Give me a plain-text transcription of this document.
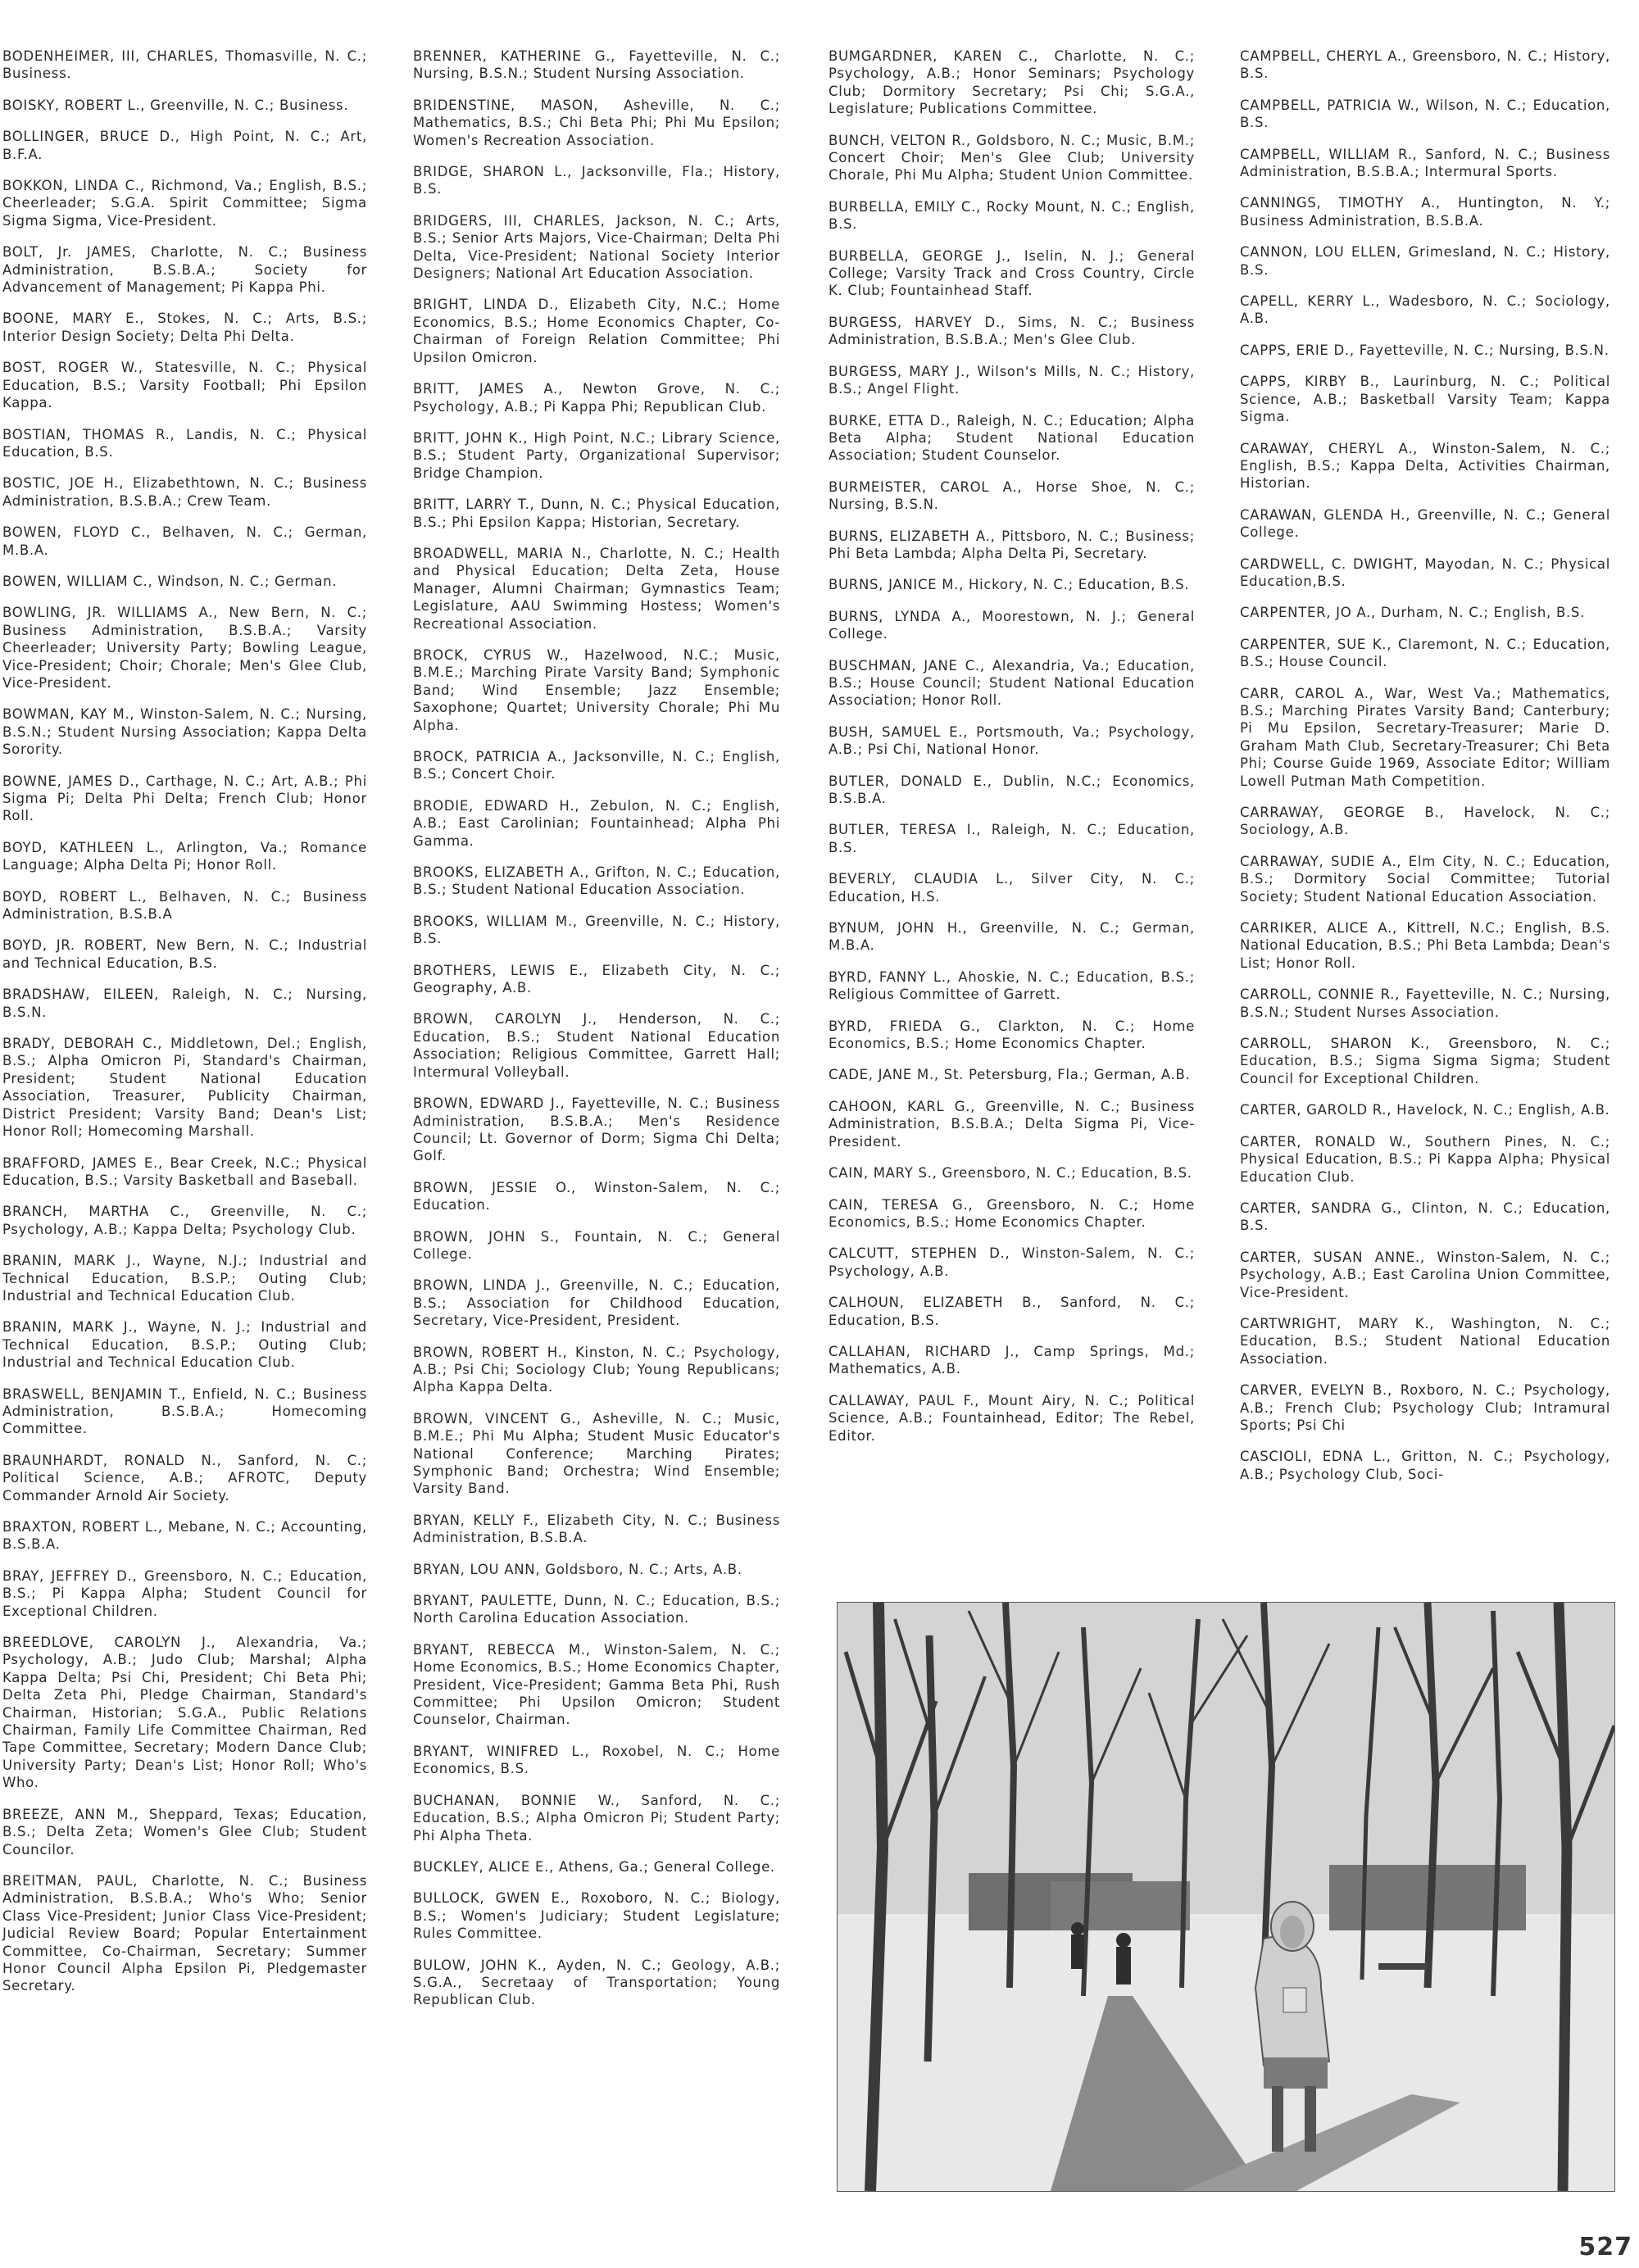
BODENHEIMER, III, CHARLES, Thomasville, N. C.; Business.
BOISKY, ROBERT L., Greenville, N. C.; Business.
BOLLINGER, BRUCE D., High Point, N. C.; Art, B.F.A.
BOKKON, LINDA C., Richmond, Va.; English, B.S.; Cheerleader; S.G.A. Spirit Committee; Sigma Sigma Sigma, Vice-President.
BOLT, Jr. JAMES, Charlotte, N. C.; Business Administration, B.S.B.A.; Society for Advancement of Management; Pi Kappa Phi.
BOONE, MARY E., Stokes, N. C.; Arts, B.S.; Interior Design Society; Delta Phi Delta.
BOST, ROGER W., Statesville, N. C.; Physical Education, B.S.; Varsity Football; Phi Epsilon Kappa.
BOSTIAN, THOMAS R., Landis, N. C.; Physical Education, B.S.
BOSTIC, JOE H., Elizabethtown, N. C.; Business Administration, B.S.B.A.; Crew Team.
BOWEN, FLOYD C., Belhaven, N. C.; German, M.B.A.
BOWEN, WILLIAM C., Windson, N. C.; German.
BOWLING, JR. WILLIAMS A., New Bern, N. C.; Business Administration, B.S.B.A.; Varsity Cheerleader; University Party; Bowling League, Vice-President; Choir; Chorale; Men's Glee Club, Vice-President.
BOWMAN, KAY M., Winston-Salem, N. C.; Nursing, B.S.N.; Student Nursing Association; Kappa Delta Sorority.
BOWNE, JAMES D., Carthage, N. C.; Art, A.B.; Phi Sigma Pi; Delta Phi Delta; French Club; Honor Roll.
BOYD, KATHLEEN L., Arlington, Va.; Romance Language; Alpha Delta Pi; Honor Roll.
BOYD, ROBERT L., Belhaven, N. C.; Business Administration, B.S.B.A
BOYD, JR. ROBERT, New Bern, N. C.; Industrial and Technical Education, B.S.
BRADSHAW, EILEEN, Raleigh, N. C.; Nursing, B.S.N.
BRADY, DEBORAH C., Middletown, Del.; English, B.S.; Alpha Omicron Pi, Standard's Chairman, President; Student National Education Association, Treasurer, Publicity Chairman, District President; Varsity Band; Dean's List; Honor Roll; Homecoming Marshall.
BRAFFORD, JAMES E., Bear Creek, N.C.; Physical Education, B.S.; Varsity Basketball and Baseball.
BRANCH, MARTHA C., Greenville, N. C.; Psychology, A.B.; Kappa Delta; Psychology Club.
BRANIN, MARK J., Wayne, N.J.; Industrial and Technical Education, B.S.P.; Outing Club; Industrial and Technical Education Club.
BRANIN, MARK J., Wayne, N. J.; Industrial and Technical Education, B.S.P.; Outing Club; Industrial and Technical Education Club.
BRASWELL, BENJAMIN T., Enfield, N. C.; Business Administration, B.S.B.A.; Homecoming Committee.
BRAUNHARDT, RONALD N., Sanford, N. C.; Political Science, A.B.; AFROTC, Deputy Commander Arnold Air Society.
BRAXTON, ROBERT L., Mebane, N. C.; Accounting, B.S.B.A.
BRAY, JEFFREY D., Greensboro, N. C.; Education, B.S.; Pi Kappa Alpha; Student Council for Exceptional Children.
BREEDLOVE, CAROLYN J., Alexandria, Va.; Psychology, A.B.; Judo Club; Marshal; Alpha Kappa Delta; Psi Chi, President; Chi Beta Phi; Delta Zeta Phi, Pledge Chairman, Standard's Chairman, Historian; S.G.A., Public Relations Chairman, Family Life Committee Chairman, Red Tape Committee, Secretary; Modern Dance Club; University Party; Dean's List; Honor Roll; Who's Who.
BREEZE, ANN M., Sheppard, Texas; Education, B.S.; Delta Zeta; Women's Glee Club; Student Councilor.
BREITMAN, PAUL, Charlotte, N. C.; Business Administration, B.S.B.A.; Who's Who; Senior Class Vice-President; Junior Class Vice-President; Judicial Review Board; Popular Entertainment Committee, Co-Chairman, Secretary; Summer Honor Council Alpha Epsilon Pi, Pledgemaster Secretary.
BRENNER, KATHERINE G., Fayetteville, N. C.; Nursing, B.S.N.; Student Nursing Association.
BRIDENSTINE, MASON, Asheville, N. C.; Mathematics, B.S.; Chi Beta Phi; Phi Mu Epsilon; Women's Recreation Association.
BRIDGE, SHARON L., Jacksonville, Fla.; History, B.S.
BRIDGERS, III, CHARLES, Jackson, N. C.; Arts, B.S.; Senior Arts Majors, Vice-Chairman; Delta Phi Delta, Vice-President; National Society Interior Designers; National Art Education Association.
BRIGHT, LINDA D., Elizabeth City, N.C.; Home Economics, B.S.; Home Economics Chapter, Co-Chairman of Foreign Relation Committee; Phi Upsilon Omicron.
BRITT, JAMES A., Newton Grove, N. C.; Psychology, A.B.; Pi Kappa Phi; Republican Club.
BRITT, JOHN K., High Point, N.C.; Library Science, B.S.; Student Party, Organizational Supervisor; Bridge Champion.
BRITT, LARRY T., Dunn, N. C.; Physical Education, B.S.; Phi Epsilon Kappa; Historian, Secretary.
BROADWELL, MARIA N., Charlotte, N. C.; Health and Physical Education; Delta Zeta, House Manager, Alumni Chairman; Gymnastics Team; Legislature, AAU Swimming Hostess; Women's Recreational Association.
BROCK, CYRUS W., Hazelwood, N.C.; Music, B.M.E.; Marching Pirate Varsity Band; Symphonic Band; Wind Ensemble; Jazz Ensemble; Saxophone; Quartet; University Chorale; Phi Mu Alpha.
BROCK, PATRICIA A., Jacksonville, N. C.; English, B.S.; Concert Choir.
BRODIE, EDWARD H., Zebulon, N. C.; English, A.B.; East Carolinian; Fountainhead; Alpha Phi Gamma.
BROOKS, ELIZABETH A., Grifton, N. C.; Education, B.S.; Student National Education Association.
BROOKS, WILLIAM M., Greenville, N. C.; History, B.S.
BROTHERS, LEWIS E., Elizabeth City, N. C.; Geography, A.B.
BROWN, CAROLYN J., Henderson, N. C.; Education, B.S.; Student National Education Association; Religious Committee, Garrett Hall; Intermural Volleyball.
BROWN, EDWARD J., Fayetteville, N. C.; Business Administration, B.S.B.A.; Men's Residence Council; Lt. Governor of Dorm; Sigma Chi Delta; Golf.
BROWN, JESSIE O., Winston-Salem, N. C.; Education.
BROWN, JOHN S., Fountain, N. C.; General College.
BROWN, LINDA J., Greenville, N. C.; Education, B.S.; Association for Childhood Education, Secretary, Vice-President, President.
BROWN, ROBERT H., Kinston, N. C.; Psychology, A.B.; Psi Chi; Sociology Club; Young Republicans; Alpha Kappa Delta.
BROWN, VINCENT G., Asheville, N. C.; Music, B.M.E.; Phi Mu Alpha; Student Music Educator's National Conference; Marching Pirates; Symphonic Band; Orchestra; Wind Ensemble; Varsity Band.
BRYAN, KELLY F., Elizabeth City, N. C.; Business Administration, B.S.B.A.
BRYAN, LOU ANN, Goldsboro, N. C.; Arts, A.B.
BRYANT, PAULETTE, Dunn, N. C.; Education, B.S.; North Carolina Education Association.
BRYANT, REBECCA M., Winston-Salem, N. C.; Home Economics, B.S.; Home Economics Chapter, President, Vice-President; Gamma Beta Phi, Rush Committee; Phi Upsilon Omicron; Student Counselor, Chairman.
BRYANT, WINIFRED L., Roxobel, N. C.; Home Economics, B.S.
BUCHANAN, BONNIE W., Sanford, N. C.; Education, B.S.; Alpha Omicron Pi; Student Party; Phi Alpha Theta.
BUCKLEY, ALICE E., Athens, Ga.; General College.
BULLOCK, GWEN E., Roxoboro, N. C.; Biology, B.S.; Women's Judiciary; Student Legislature; Rules Committee.
BULOW, JOHN K., Ayden, N. C.; Geology, A.B.; S.G.A., Secretaay of Transportation; Young Republican Club.
BUMGARDNER, KAREN C., Charlotte, N. C.; Psychology, A.B.; Honor Seminars; Psychology Club; Dormitory Secretary; Psi Chi; S.G.A., Legislature; Publications Committee.
BUNCH, VELTON R., Goldsboro, N. C.; Music, B.M.; Concert Choir; Men's Glee Club; University Chorale, Phi Mu Alpha; Student Union Committee.
BURBELLA, EMILY C., Rocky Mount, N. C.; English, B.S.
BURBELLA, GEORGE J., Iselin, N. J.; General College; Varsity Track and Cross Country, Circle K. Club; Fountainhead Staff.
BURGESS, HARVEY D., Sims, N. C.; Business Administration, B.S.B.A.; Men's Glee Club.
BURGESS, MARY J., Wilson's Mills, N. C.; History, B.S.; Angel Flight.
BURKE, ETTA D., Raleigh, N. C.; Education; Alpha Beta Alpha; Student National Education Association; Student Counselor.
BURMEISTER, CAROL A., Horse Shoe, N. C.; Nursing, B.S.N.
BURNS, ELIZABETH A., Pittsboro, N. C.; Business; Phi Beta Lambda; Alpha Delta Pi, Secretary.
BURNS, JANICE M., Hickory, N. C.; Education, B.S.
BURNS, LYNDA A., Moorestown, N. J.; General College.
BUSCHMAN, JANE C., Alexandria, Va.; Education, B.S.; House Council; Student National Education Association; Honor Roll.
BUSH, SAMUEL E., Portsmouth, Va.; Psychology, A.B.; Psi Chi, National Honor.
BUTLER, DONALD E., Dublin, N.C.; Economics, B.S.B.A.
BUTLER, TERESA I., Raleigh, N. C.; Education, B.S.
BEVERLY, CLAUDIA L., Silver City, N. C.; Education, H.S.
BYNUM, JOHN H., Greenville, N. C.; German, M.B.A.
BYRD, FANNY L., Ahoskie, N. C.; Education, B.S.; Religious Committee of Garrett.
BYRD, FRIEDA G., Clarkton, N. C.; Home Economics, B.S.; Home Economics Chapter.
CADE, JANE M., St. Petersburg, Fla.; German, A.B.
CAHOON, KARL G., Greenville, N. C.; Business Administration, B.S.B.A.; Delta Sigma Pi, Vice-President.
CAIN, MARY S., Greensboro, N. C.; Education, B.S.
CAIN, TERESA G., Greensboro, N. C.; Home Economics, B.S.; Home Economics Chapter.
CALCUTT, STEPHEN D., Winston-Salem, N. C.; Psychology, A.B.
CALHOUN, ELIZABETH B., Sanford, N. C.; Education, B.S.
CALLAHAN, RICHARD J., Camp Springs, Md.; Mathematics, A.B.
CALLAWAY, PAUL F., Mount Airy, N. C.; Political Science, A.B.; Fountainhead, Editor; The Rebel, Editor.
CAMPBELL, CHERYL A., Greensboro, N. C.; History, B.S.
CAMPBELL, PATRICIA W., Wilson, N. C.; Education, B.S.
CAMPBELL, WILLIAM R., Sanford, N. C.; Business Administration, B.S.B.A.; Intermural Sports.
CANNINGS, TIMOTHY A., Huntington, N. Y.; Business Administration, B.S.B.A.
CANNON, LOU ELLEN, Grimesland, N. C.; History, B.S.
CAPELL, KERRY L., Wadesboro, N. C.; Sociology, A.B.
CAPPS, ERIE D., Fayetteville, N. C.; Nursing, B.S.N.
CAPPS, KIRBY B., Laurinburg, N. C.; Political Science, A.B.; Basketball Varsity Team; Kappa Sigma.
CARAWAY, CHERYL A., Winston-Salem, N. C.; English, B.S.; Kappa Delta, Activities Chairman, Historian.
CARAWAN, GLENDA H., Greenville, N. C.; General College.
CARDWELL, C. DWIGHT, Mayodan, N. C.; Physical Education,B.S.
CARPENTER, JO A., Durham, N. C.; English, B.S.
CARPENTER, SUE K., Claremont, N. C.; Education, B.S.; House Council.
CARR, CAROL A., War, West Va.; Mathematics, B.S.; Marching Pirates Varsity Band; Canterbury; Pi Mu Epsilon, Secretary-Treasurer; Marie D. Graham Math Club, Secretary-Treasurer; Chi Beta Phi; Course Guide 1969, Associate Editor; William Lowell Putman Math Competition.
CARRAWAY, GEORGE B., Havelock, N. C.; Sociology, A.B.
CARRAWAY, SUDIE A., Elm City, N. C.; Education, B.S.; Dormitory Social Committee; Tutorial Society; Student National Education Association.
CARRIKER, ALICE A., Kittrell, N.C.; English, B.S. National Education, B.S.; Phi Beta Lambda; Dean's List; Honor Roll.
CARROLL, CONNIE R., Fayetteville, N. C.; Nursing, B.S.N.; Student Nurses Association.
CARROLL, SHARON K., Greensboro, N. C.; Education, B.S.; Sigma Sigma Sigma; Student Council for Exceptional Children.
CARTER, GAROLD R., Havelock, N. C.; English, A.B.
CARTER, RONALD W., Southern Pines, N. C.; Physical Education, B.S.; Pi Kappa Alpha; Physical Education Club.
CARTER, SANDRA G., Clinton, N. C.; Education, B.S.
CARTER, SUSAN ANNE., Winston-Salem, N. C.; Psychology, A.B.; East Carolina Union Committee, Vice-President.
CARTWRIGHT, MARY K., Washington, N. C.; Education, B.S.; Student National Education Association.
CARVER, EVELYN B., Roxboro, N. C.; Psychology, A.B.; French Club; Psychology Club; Intramural Sports; Psi Chi
CASCIOLI, EDNA L., Gritton, N. C.; Psychology, A.B.; Psychology Club, Soci-
527
